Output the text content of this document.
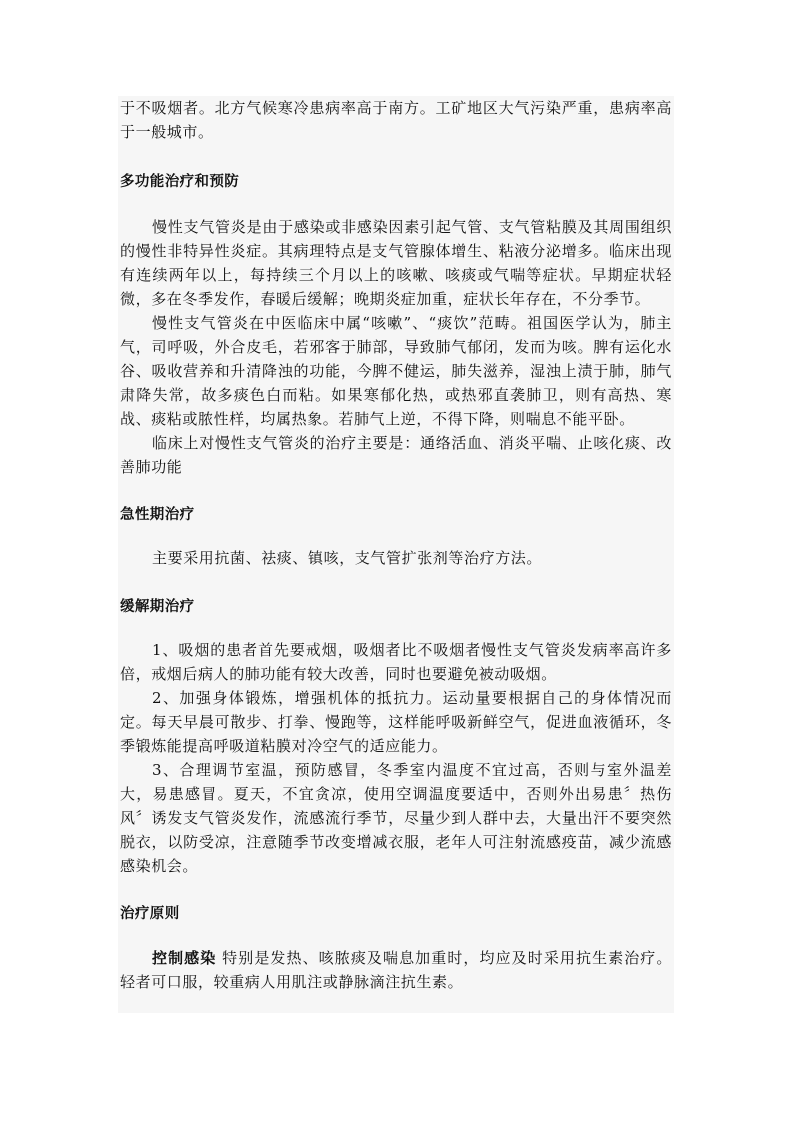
于不吸烟者。北方气候寒冷患病率高于南方。工矿地区大气污染严重，患病率高于一般城市。

多功能治疗和预防

慢性支气管炎是由于感染或非感染因素引起气管、支气管粘膜及其周围组织的慢性非特异性炎症。其病理特点是支气管腺体增生、粘液分泌增多。临床出现有连续两年以上，每持续三个月以上的咳嗽、咳痰或气喘等症状。早期症状轻微，多在冬季发作，春暖后缓解；晚期炎症加重，症状长年存在，不分季节。

慢性支气管炎在中医临床中属“咳嗽”、“痰饮”范畴。祖国医学认为，肺主气，司呼吸，外合皮毛，若邪客于肺部，导致肺气郁闭，发而为咳。脾有运化水谷、吸收营养和升清降浊的功能，今脾不健运，肺失滋养，湿浊上渍于肺，肺气肃降失常，故多痰色白而粘。如果寒郁化热，或热邪直袭肺卫，则有高热、寒战、痰粘或脓性样，均属热象。若肺气上逆，不得下降，则喘息不能平卧。

临床上对慢性支气管炎的治疗主要是：通络活血、消炎平喘、止咳化痰、改善肺功能

急性期治疗

主要采用抗菌、祛痰、镇咳，支气管扩张剂等治疗方法。

缓解期治疗

1、吸烟的患者首先要戒烟，吸烟者比不吸烟者慢性支气管炎发病率高许多倍，戒烟后病人的肺功能有较大改善，同时也要避免被动吸烟。

2、加强身体锻炼，增强机体的抵抗力。运动量要根据自己的身体情况而定。每天早晨可散步、打拳、慢跑等，这样能呼吸新鲜空气，促进血液循环，冬季锻炼能提高呼吸道粘膜对冷空气的适应能力。

3、合理调节室温，预防感冒，冬季室内温度不宜过高，否则与室外温差大，易患感冒。夏天，不宜贪凉，使用空调温度要适中，否则外出易患〞热伤风〞诱发支气管炎发作，流感流行季节，尽量少到人群中去，大量出汗不要突然脱衣，以防受凉，注意随季节改变增减衣服，老年人可注射流感疫苗，减少流感感染机会。

治疗原则

控制感染 特别是发热、咳脓痰及喘息加重时，均应及时采用抗生素治疗。轻者可口服，较重病人用肌注或静脉滴注抗生素。
